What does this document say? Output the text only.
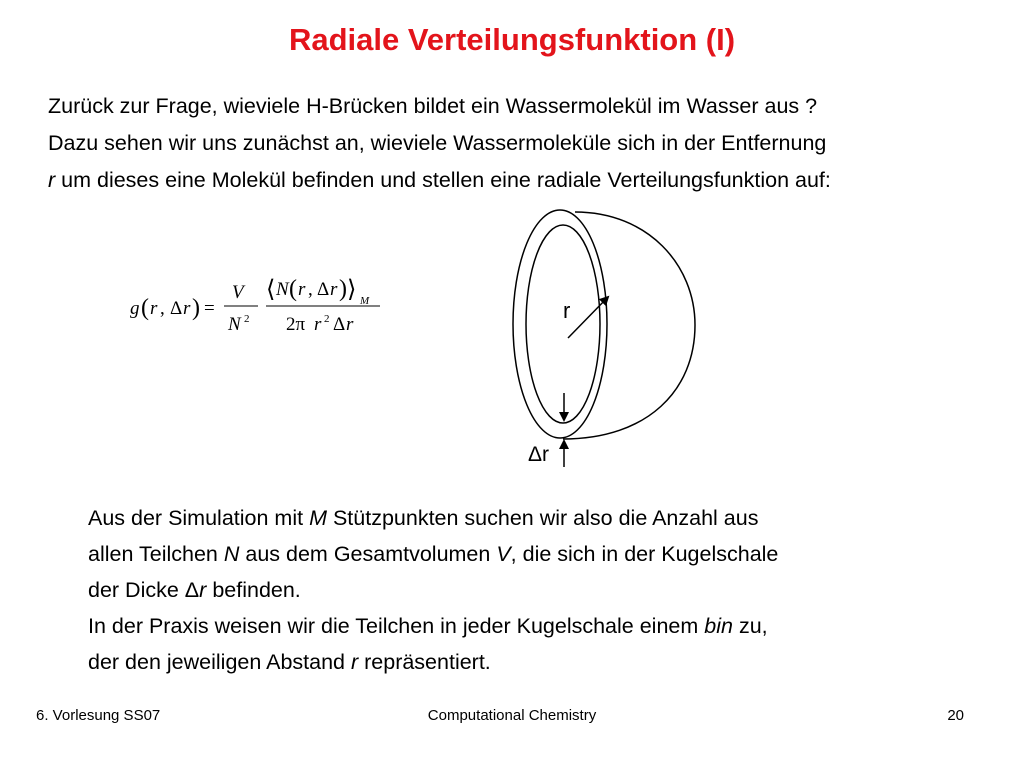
Radiale Verteilungsfunktion (I)

Zurück zur Frage, wieviele H-Brücken bildet ein Wassermolekül im Wasser aus ?

Dazu sehen wir uns zunächst an, wieviele Wassermoleküle sich in der Entfernung

r um dieses eine Molekül befinden und stellen eine radiale Verteilungsfunktion auf:

g ( r , Δ r ) =
V
N 2
⟨ N ( r , Δ r ) ⟩ M
2π r 2 Δ r
r
Δr

Aus der Simulation mit M Stützpunkten suchen wir also die Anzahl aus

allen Teilchen N aus dem Gesamtvolumen V, die sich in der Kugelschale

der Dicke Δr befinden.

In der Praxis weisen wir die Teilchen in jeder Kugelschale einem bin zu,

der den jeweiligen Abstand r repräsentiert.

6. Vorlesung SS07	Computational Chemistry	20
